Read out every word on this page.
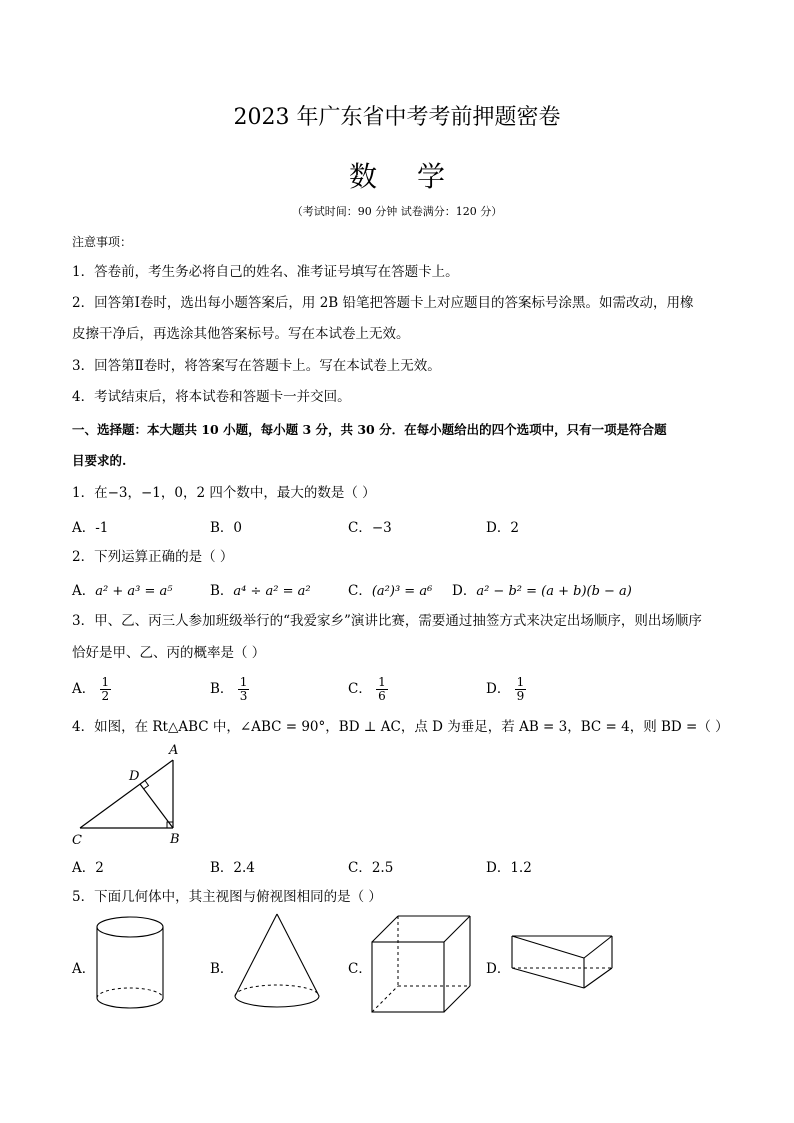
2023 年广东省中考考前押题密卷
数学
（考试时间：90 分钟 试卷满分：120 分）
注意事项：
1．答卷前，考生务必将自己的姓名、准考证号填写在答题卡上。
2．回答第Ⅰ卷时，选出每小题答案后，用 2B 铅笔把答题卡上对应题目的答案标号涂黑。如需改动，用橡
皮擦干净后，再选涂其他答案标号。写在本试卷上无效。
3．回答第Ⅱ卷时，将答案写在答题卡上。写在本试卷上无效。
4．考试结束后，将本试卷和答题卡一并交回。
一、选择题：本大题共 10 小题，每小题 3 分，共 30 分．在每小题给出的四个选项中，只有一项是符合题
目要求的.
1．在−3，−1，0，2 四个数中，最大的数是（ ）
A．-1	B．0	C．−3	D．2
2．下列运算正确的是（ ）
A．a² + a³ = a⁵	B．a⁴ ÷ a² = a²	C．(a²)³ = a⁶ D．a² − b² = (a + b)(b − a)
3．甲、乙、丙三人参加班级举行的“我爱家乡”演讲比赛，需要通过抽签方式来决定出场顺序，则出场顺序
恰好是甲、乙、丙的概率是（ ）
A． $\frac{1}{2}$	B． $\frac{1}{3}$	C． $\frac{1}{6}$	D． $\frac{1}{9}$
4．如图，在 Rt△ABC 中，∠ABC = 90°，BD ⊥ AC，点 D 为垂足，若 AB = 3，BC = 4，则 BD =（ ）
A
B
C
D
A．2	B．2.4	C．2.5	D．1.2
5．下面几何体中，其主视图与俯视图相同的是（ ）
A．	B．	C．	D．
